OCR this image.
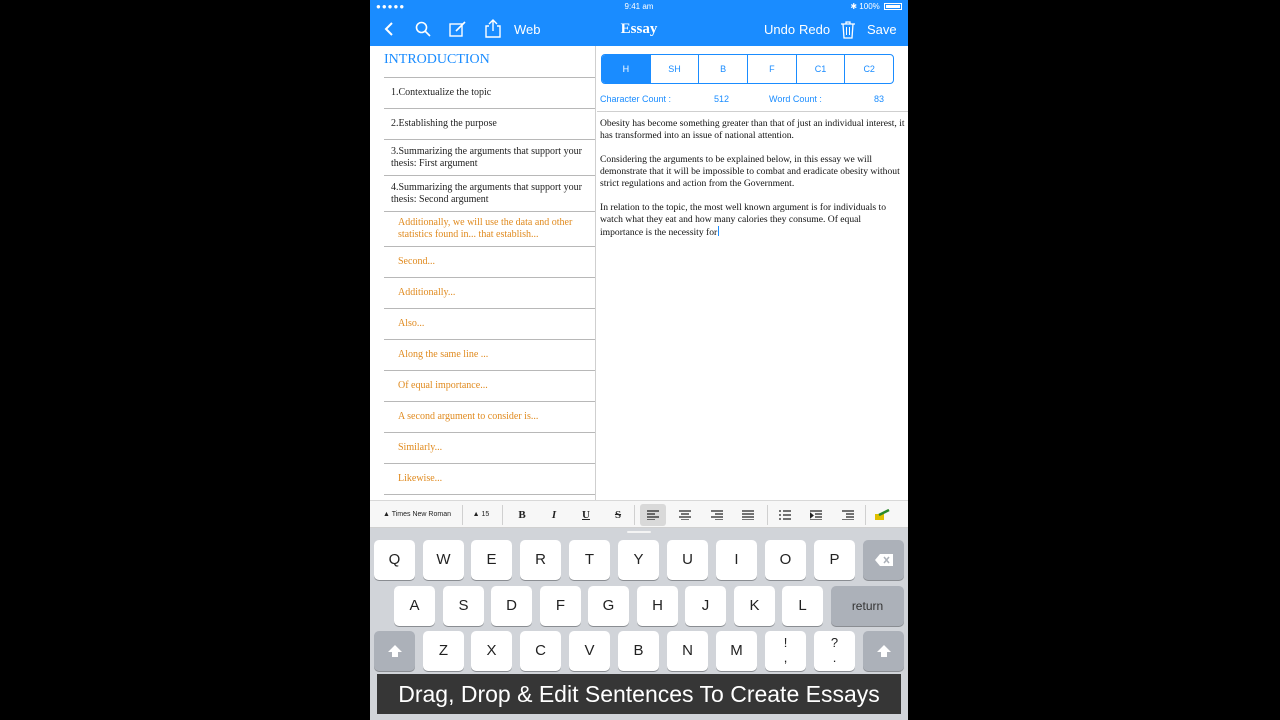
●●●●●	9:41 am	✱ 100%
Web	Essay	Undo Redo	Save
INTRODUCTION
1.Contextualize the topic
2.Establishing the purpose
3.Summarizing the arguments that support your thesis: First argument
4.Summarizing the arguments that support your thesis: Second argument
Additionally, we will use the data and other statistics found in... that establish...
Second...
Additionally...
Also...
Along the same line ...
Of equal importance...
A second argument to consider is...
Similarly...
Likewise...
H	SH	B	F	C1	C2
Character Count :	512	Word Count :	83

Obesity has become something greater than that of just an individual interest, it has transformed into an issue of national attention.

Considering the arguments to be explained below, in this essay we will demonstrate that it will be impossible to combat and eradicate obesity without strict regulations and action from the Government.

In relation to the topic, the most well known argument is for individuals to watch what they eat and how many calories they consume. Of equal importance is the necessity for

▲ Times New Roman	▲ 15	B	I	U	S
Q	W	E	R	T	Y	U	I	O	P
A	S	D	F	G	H	J	K	L	return
Z	X	C	V	B	N	M	!
,
?
.
Drag, Drop & Edit Sentences To Create Essays
